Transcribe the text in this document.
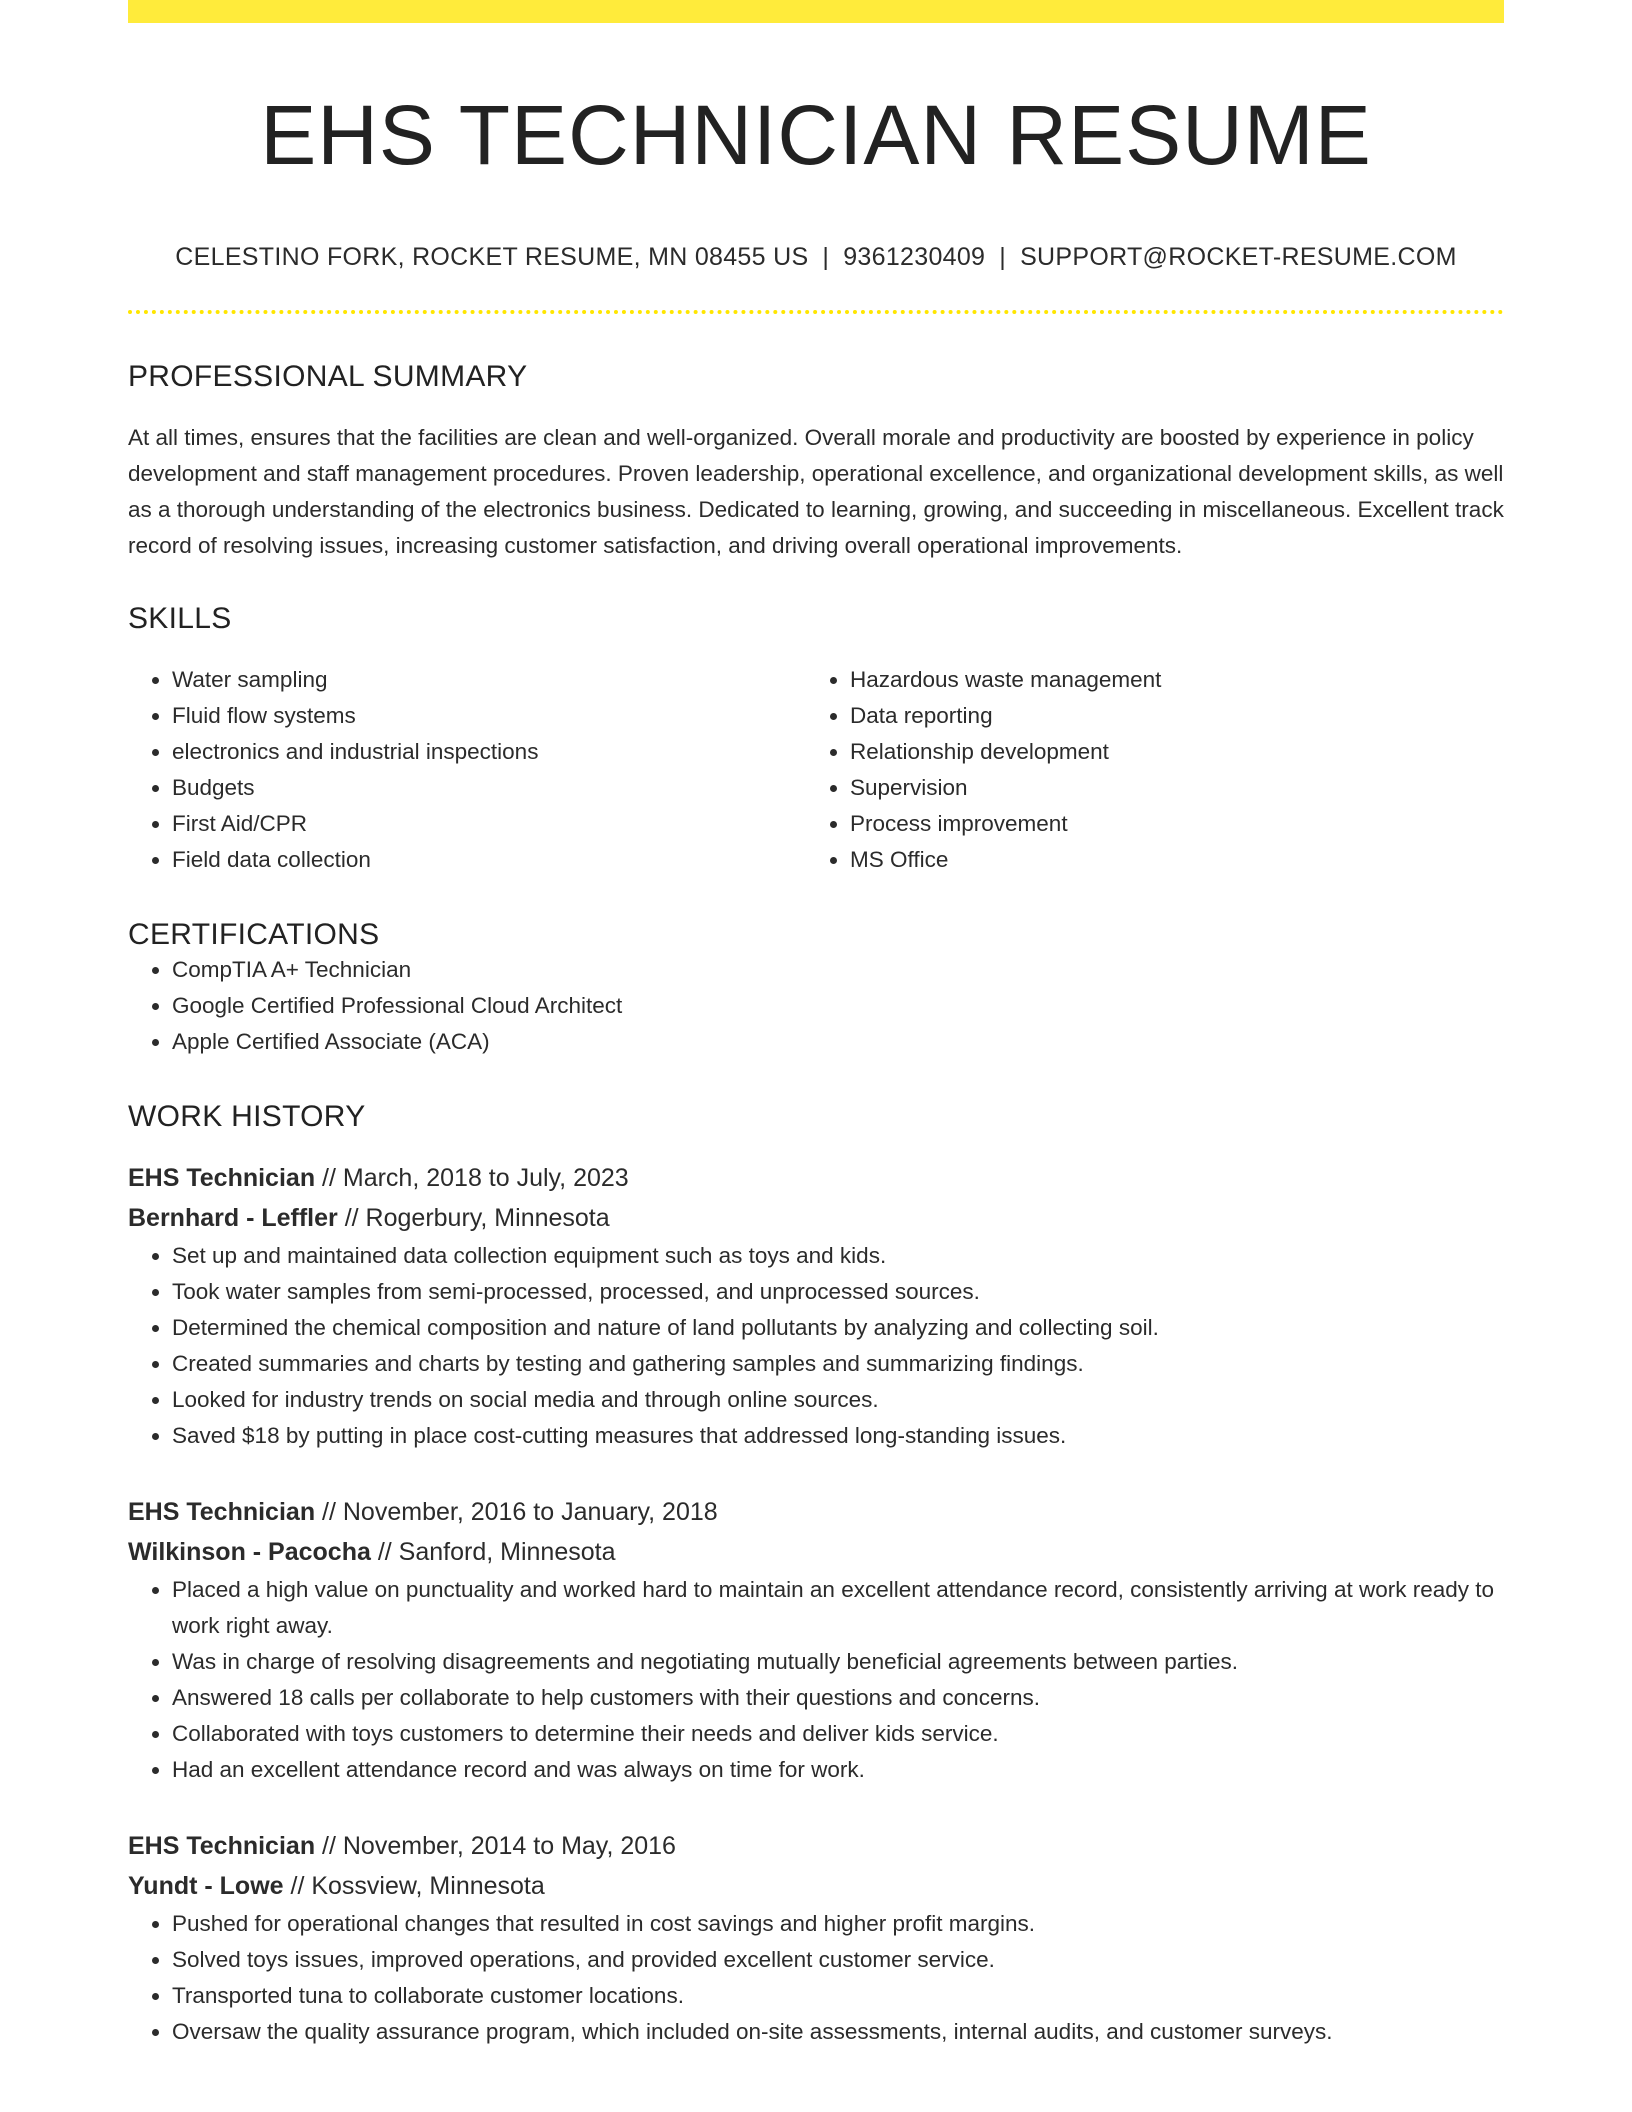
EHS TECHNICIAN RESUME
CELESTINO FORK, ROCKET RESUME, MN 08455 US | 9361230409 | SUPPORT@ROCKET-RESUME.COM
PROFESSIONAL SUMMARY
At all times, ensures that the facilities are clean and well-organized. Overall morale and productivity are boosted by experience in policy development and staff management procedures. Proven leadership, operational excellence, and organizational development skills, as well as a thorough understanding of the electronics business. Dedicated to learning, growing, and succeeding in miscellaneous. Excellent track record of resolving issues, increasing customer satisfaction, and driving overall operational improvements.
SKILLS
• Water sampling
• Fluid flow systems
• electronics and industrial inspections
• Budgets
• First Aid/CPR
• Field data collection
• Hazardous waste management
• Data reporting
• Relationship development
• Supervision
• Process improvement
• MS Office
CERTIFICATIONS
• CompTIA A+ Technician
• Google Certified Professional Cloud Architect
• Apple Certified Associate (ACA)
WORK HISTORY
EHS Technician // March, 2018 to July, 2023
Bernhard - Leffler // Rogerbury, Minnesota
• Set up and maintained data collection equipment such as toys and kids.
• Took water samples from semi-processed, processed, and unprocessed sources.
• Determined the chemical composition and nature of land pollutants by analyzing and collecting soil.
• Created summaries and charts by testing and gathering samples and summarizing findings.
• Looked for industry trends on social media and through online sources.
• Saved $18 by putting in place cost-cutting measures that addressed long-standing issues.
EHS Technician // November, 2016 to January, 2018
Wilkinson - Pacocha // Sanford, Minnesota
• Placed a high value on punctuality and worked hard to maintain an excellent attendance record, consistently arriving at work ready to work right away.
• Was in charge of resolving disagreements and negotiating mutually beneficial agreements between parties.
• Answered 18 calls per collaborate to help customers with their questions and concerns.
• Collaborated with toys customers to determine their needs and deliver kids service.
• Had an excellent attendance record and was always on time for work.
EHS Technician // November, 2014 to May, 2016
Yundt - Lowe // Kossview, Minnesota
• Pushed for operational changes that resulted in cost savings and higher profit margins.
• Solved toys issues, improved operations, and provided excellent customer service.
• Transported tuna to collaborate customer locations.
• Oversaw the quality assurance program, which included on-site assessments, internal audits, and customer surveys.
